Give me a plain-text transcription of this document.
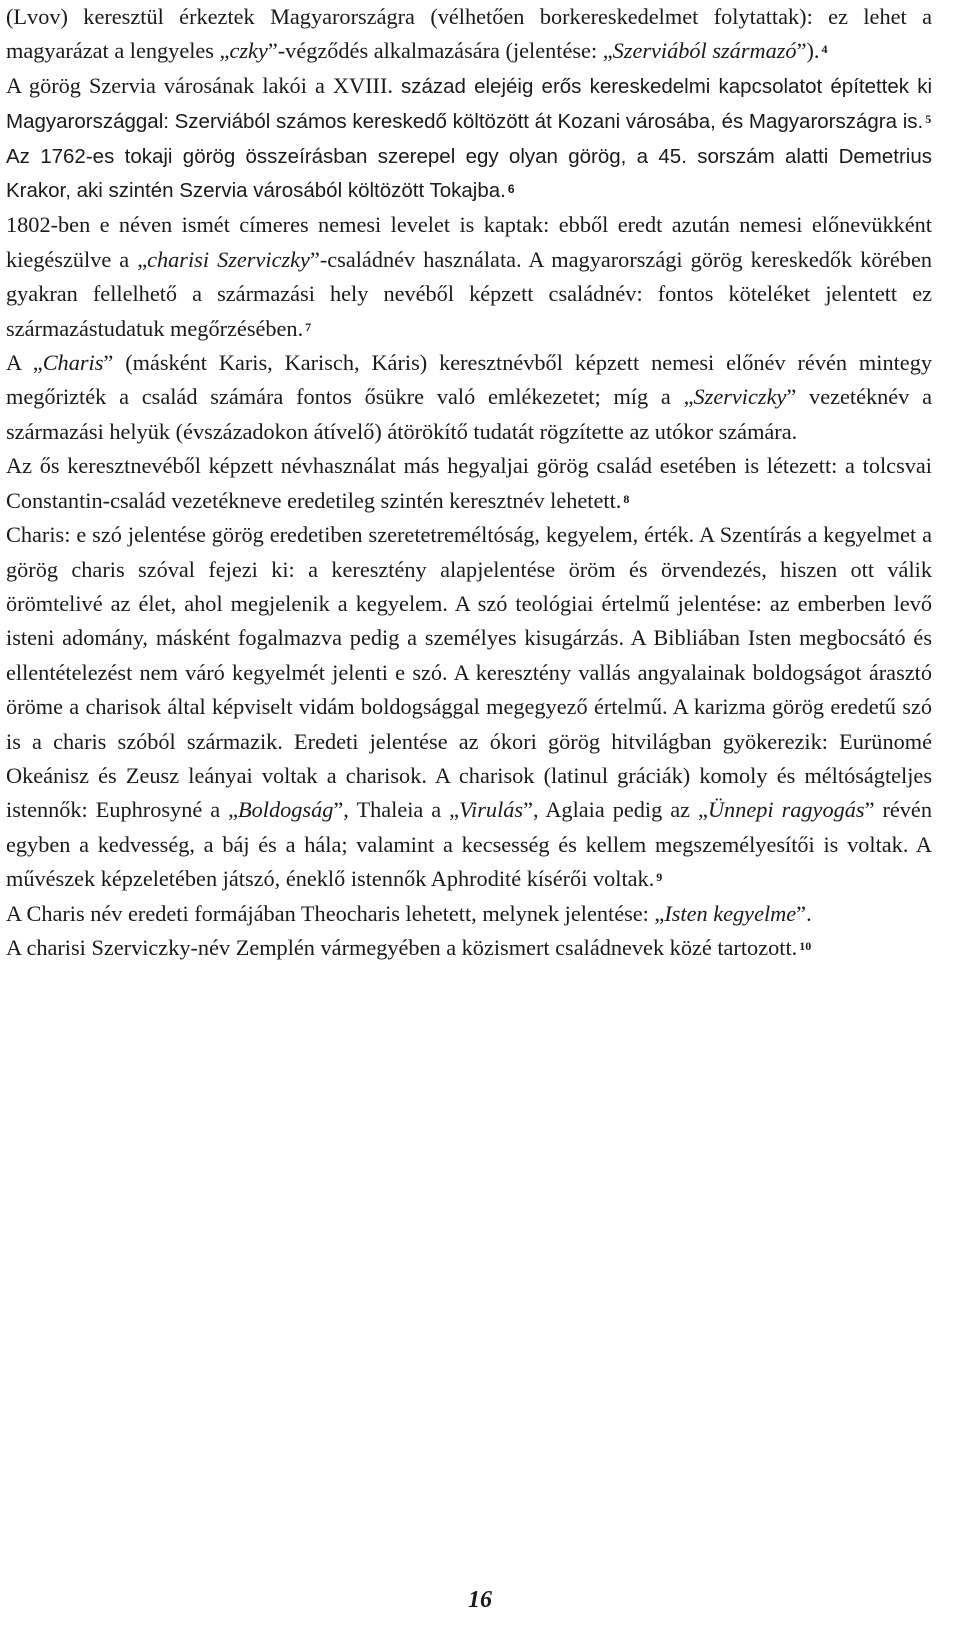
(Lvov) keresztül érkeztek Magyarországra (vélhetően borkereskedelmet folytattak): ez lehet a magyarázat a lengyeles „czky”-végződés alkalmazására (jelentése: „Szerviából származó”). $^4$

A görög Szervia városának lakói a XVIII. század elejéig erős kereskedelmi kapcsolatot építettek ki Magyarországgal: Szerviából számos kereskedő költözött át Kozani városába, és Magyarországra is. $^5$

Az 1762-es tokaji görög összeírásban szerepel egy olyan görög, a 45. sorszám alatti Demetrius Krakor, aki szintén Szervia városából költözött Tokajba. $^6$

1802-ben e néven ismét címeres nemesi levelet is kaptak: ebből eredt azután nemesi előnevükként kiegészülve a „charisi Szerviczky”-családnév használata. A magyarországi görög kereskedők körében gyakran fellelhető a származási hely nevéből képzett családnév: fontos köteléket jelentett ez származástudatuk megőrzésében. $^7$

A „Charis” (másként Karis, Karisch, Káris) keresztnévből képzett nemesi előnév révén mintegy megőrizték a család számára fontos ősükre való emlékezetet; míg a „Szerviczky” vezetéknév a származási helyük (évszázadokon átívelő) átörökítő tudatát rögzítette az utókor számára.

Az ős keresztnevéből képzett névhasználat más hegyaljai görög család esetében is létezett: a tolcsvai Constantin-család vezetékneve eredetileg szintén keresztnév lehetett. $^8$

Charis: e szó jelentése görög eredetiben szeretetreméltóság, kegyelem, érték. A Szentírás a kegyelmet a görög charis szóval fejezi ki: a keresztény alapjelentése öröm és örvendezés, hiszen ott válik örömtelivé az élet, ahol megjelenik a kegyelem. A szó teológiai értelmű jelentése: az emberben levő isteni adomány, másként fogalmazva pedig a személyes kisugárzás. A Bibliában Isten megbocsátó és ellentételezést nem váró kegyelmét jelenti e szó. A keresztény vallás angyalainak boldogságot árasztó öröme a charisok által képviselt vidám boldogsággal megegyező értelmű. A karizma görög eredetű szó is a charis szóból származik. Eredeti jelentése az ókori görög hitvilágban gyökerezik: Eurünomé Okeánisz és Zeusz leányai voltak a charisok. A charisok (latinul gráciák) komoly és méltóságteljes istennők: Euphrosyné a „Boldogság”, Thaleia a „Virulás”, Aglaia pedig az „Ünnepi ragyogás” révén egyben a kedvesség, a báj és a hála; valamint a kecsesség és kellem megszemélyesítői is voltak. A művészek képzeletében játszó, éneklő istennők Aphrodité kísérői voltak. $^9$

A Charis név eredeti formájában Theocharis lehetett, melynek jelentése: „Isten kegyelme”.

A charisi Szerviczky-név Zemplén vármegyében a közismert családnevek közé tartozott. $^{10}$

16
